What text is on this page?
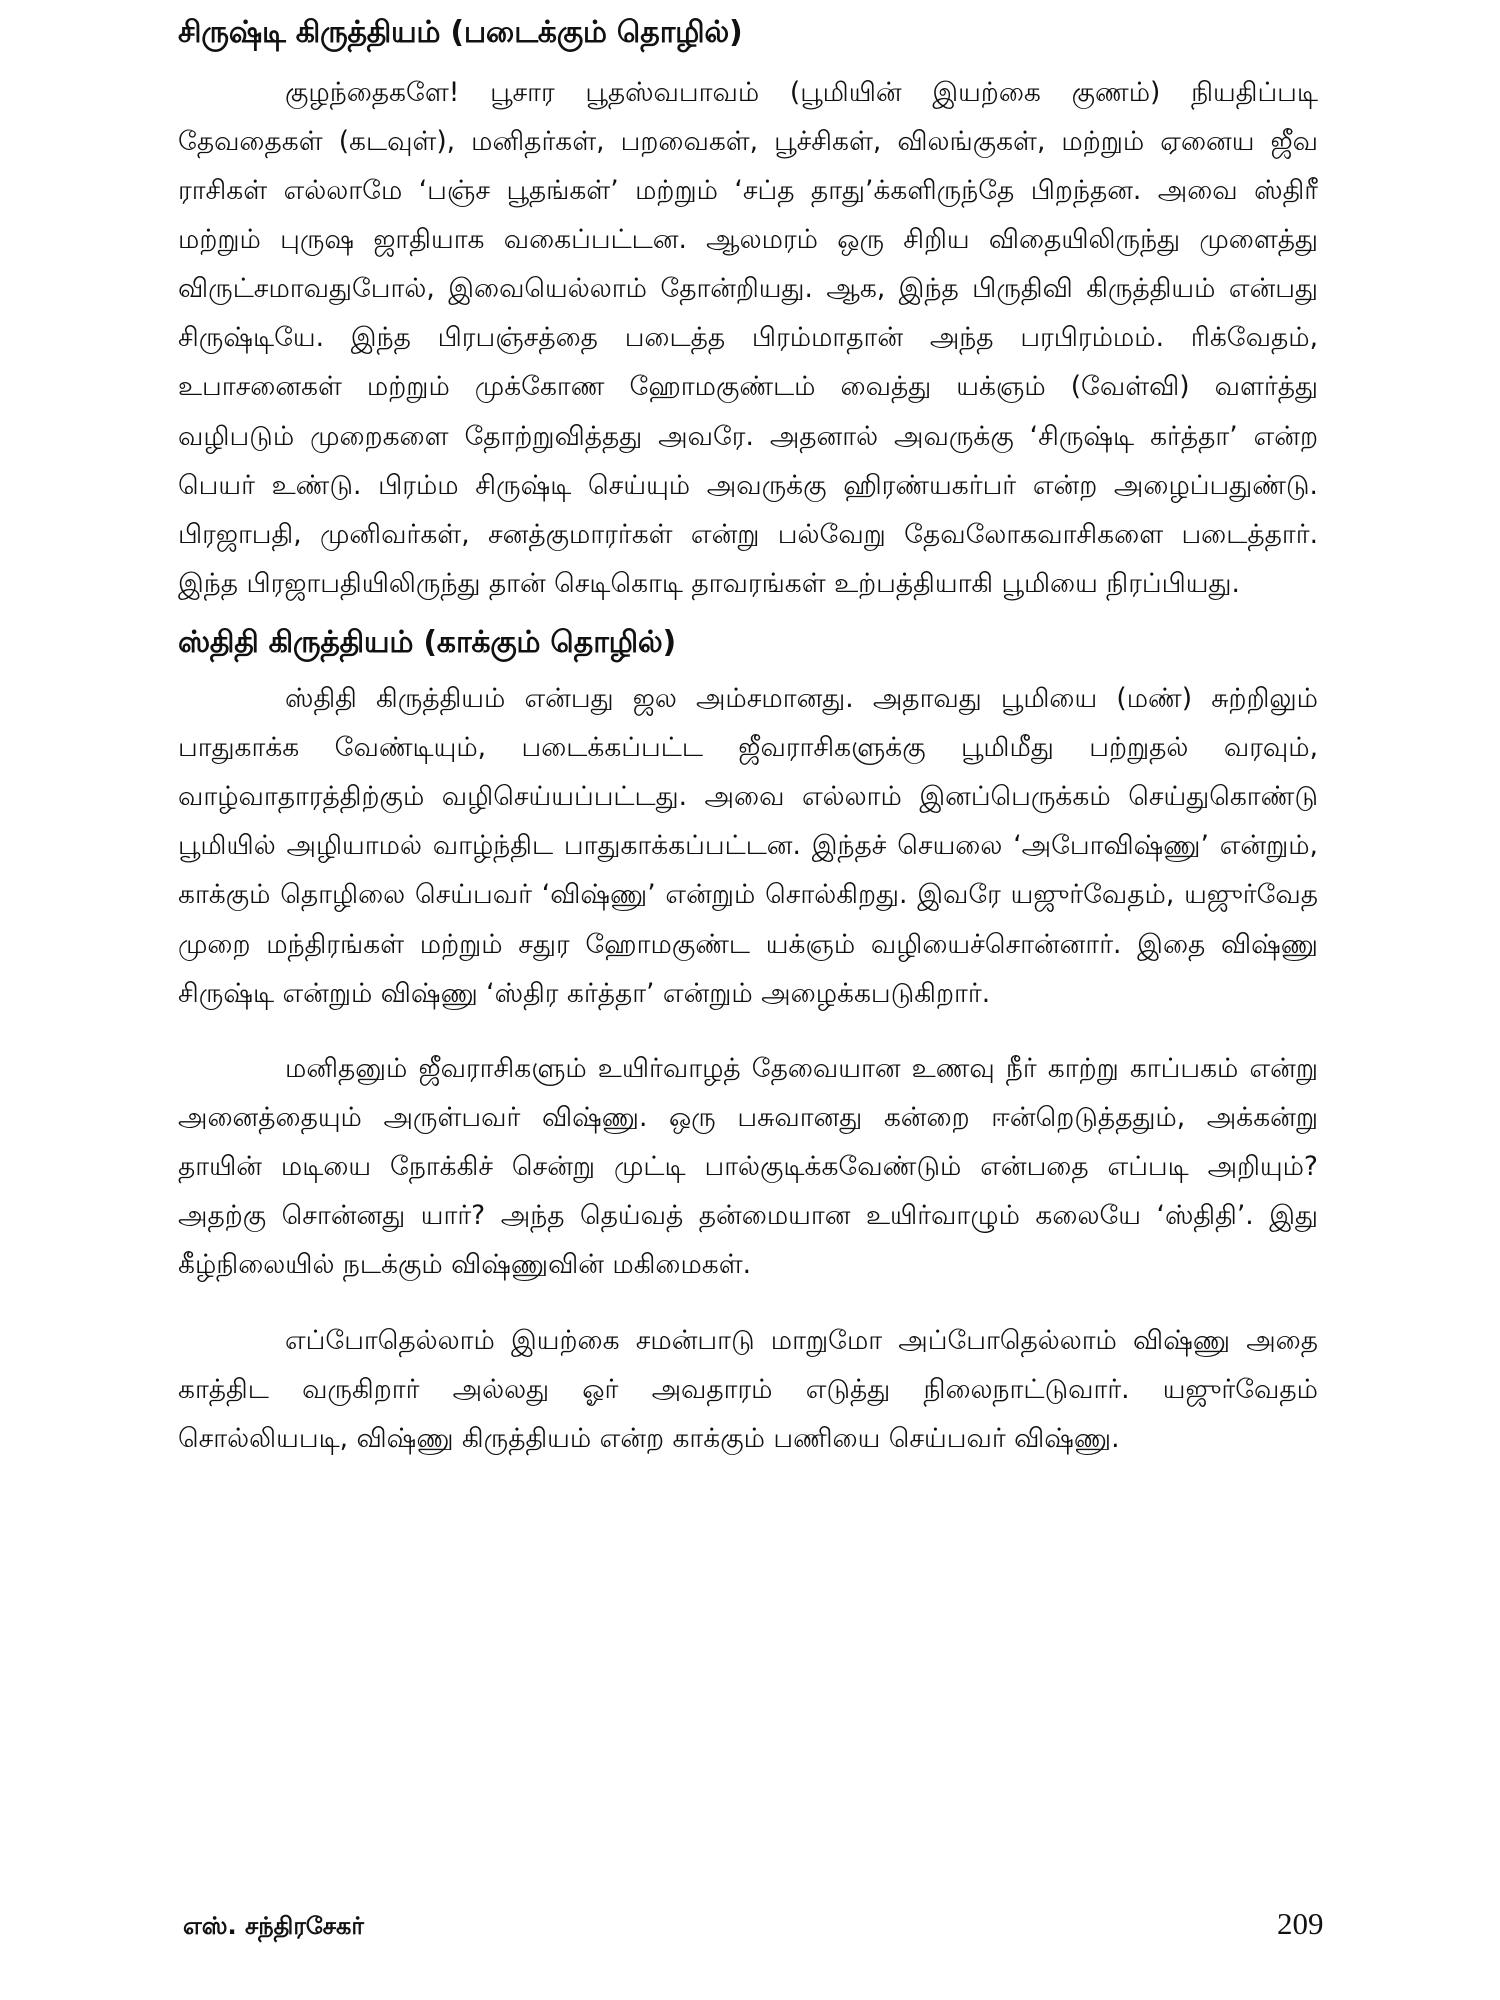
சிருஷ்டி கிருத்தியம் (படைக்கும் தொழில்)

குழந்தைகளே! பூசார பூதஸ்வபாவம் (பூமியின் இயற்கை குணம்) நியதிப்படி தேவதைகள் (கடவுள்), மனிதர்கள், பறவைகள், பூச்சிகள், விலங்குகள், மற்றும் ஏனைய ஜீவ ராசிகள் எல்லாமே ‘பஞ்ச பூதங்கள்’ மற்றும் ‘சப்த தாது’க்களிருந்தே பிறந்தன. அவை ஸ்திரீ மற்றும் புருஷ ஜாதியாக வகைப்பட்டன. ஆலமரம் ஒரு சிறிய விதையிலிருந்து முளைத்து விருட்சமாவதுபோல், இவையெல்லாம் தோன்றியது. ஆக, இந்த பிருதிவி கிருத்தியம் என்பது சிருஷ்டியே. இந்த பிரபஞ்சத்தை படைத்த பிரம்மாதான் அந்த பரபிரம்மம். ரிக்வேதம், உபாசனைகள் மற்றும் முக்கோண ஹோமகுண்டம் வைத்து யக்ஞம் (வேள்வி) வளர்த்து வழிபடும் முறைகளை தோற்றுவித்தது அவரே. அதனால் அவருக்கு ‘சிருஷ்டி கர்த்தா’ என்ற பெயர் உண்டு. பிரம்ம சிருஷ்டி செய்யும் அவருக்கு ஹிரண்யகர்பர் என்ற அழைப்பதுண்டு. பிரஜாபதி, முனிவர்கள், சனத்குமாரர்கள் என்று பல்வேறு தேவலோகவாசிகளை படைத்தார். இந்த பிரஜாபதியிலிருந்து தான் செடிகொடி தாவரங்கள் உற்பத்தியாகி பூமியை நிரப்பியது.

ஸ்திதி கிருத்தியம் (காக்கும் தொழில்)

ஸ்திதி கிருத்தியம் என்பது ஜல அம்சமானது. அதாவது பூமியை (மண்) சுற்றிலும் பாதுகாக்க வேண்டியும், படைக்கப்பட்ட ஜீவராசிகளுக்கு பூமிமீது பற்றுதல் வரவும், வாழ்வாதாரத்திற்கும் வழிசெய்யப்பட்டது. அவை எல்லாம் இனப்பெருக்கம் செய்துகொண்டு பூமியில் அழியாமல் வாழ்ந்திட பாதுகாக்கப்பட்டன. இந்தச் செயலை ‘அபோவிஷ்ணு’ என்றும், காக்கும் தொழிலை செய்பவர் ‘விஷ்ணு’ என்றும் சொல்கிறது. இவரே யஜுர்வேதம், யஜுர்வேத முறை மந்திரங்கள் மற்றும் சதுர ஹோமகுண்ட யக்ஞம் வழியைச்சொன்னார். இதை விஷ்ணு சிருஷ்டி என்றும் விஷ்ணு ‘ஸ்திர கர்த்தா’ என்றும் அழைக்கபடுகிறார்.

மனிதனும் ஜீவராசிகளும் உயிர்வாழத் தேவையான உணவு நீர் காற்று காப்பகம் என்று அனைத்தையும் அருள்பவர் விஷ்ணு. ஒரு பசுவானது கன்றை ஈன்றெடுத்ததும், அக்கன்று தாயின் மடியை நோக்கிச் சென்று முட்டி பால்குடிக்கவேண்டும் என்பதை எப்படி அறியும்? அதற்கு சொன்னது யார்? அந்த தெய்வத் தன்மையான உயிர்வாழும் கலையே ‘ஸ்திதி’. இது கீழ்நிலையில் நடக்கும் விஷ்ணுவின் மகிமைகள்.

எப்போதெல்லாம் இயற்கை சமன்பாடு மாறுமோ அப்போதெல்லாம் விஷ்ணு அதை காத்திட வருகிறார் அல்லது ஓர் அவதாரம் எடுத்து நிலைநாட்டுவார். யஜுர்வேதம் சொல்லியபடி, விஷ்ணு கிருத்தியம் என்ற காக்கும் பணியை செய்பவர் விஷ்ணு.

எஸ். சந்திரசேகர்	209
